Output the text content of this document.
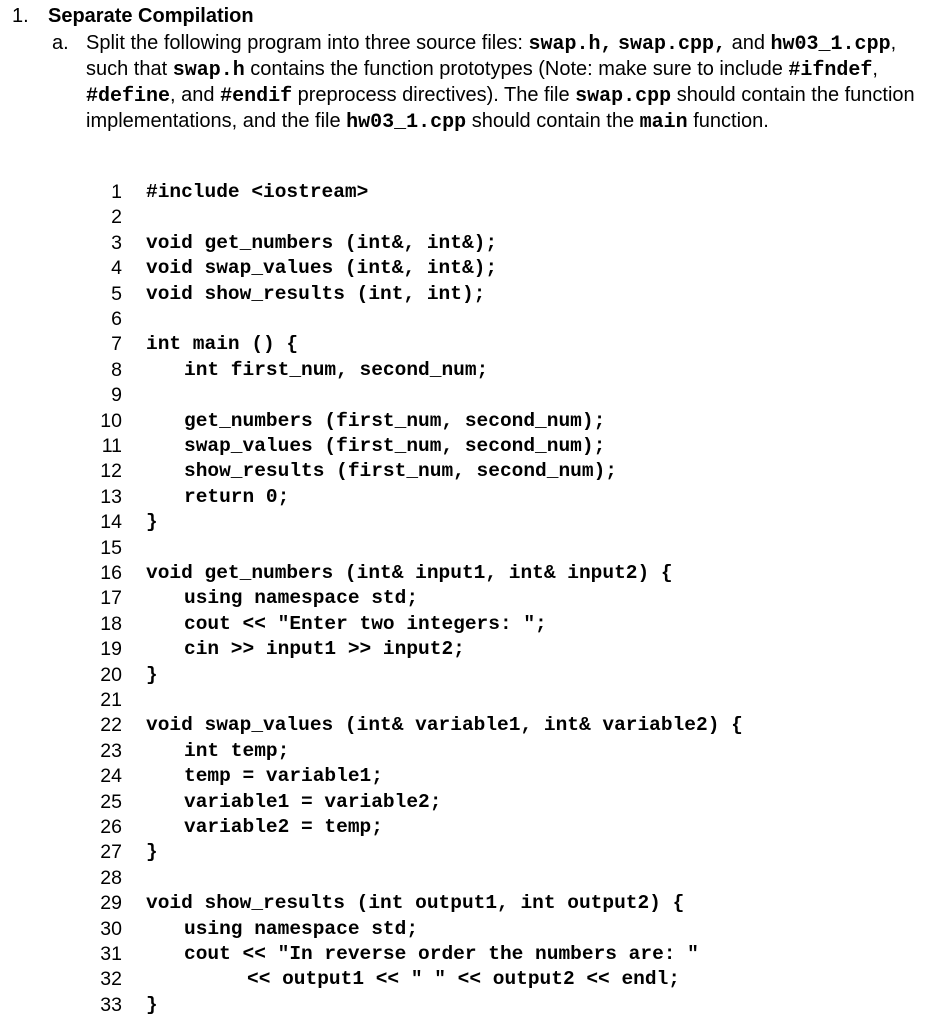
1. Separate Compilation
a. Split the following program into three source files: swap.h, swap.cpp, and hw03_1.cpp, such that swap.h contains the function prototypes (Note: make sure to include #ifndef, #define, and #endif preprocess directives). The file swap.cpp should contain the function implementations, and the file hw03_1.cpp should contain the main function.
1 #include <iostream>
2
3 void get_numbers (int&, int&);
4 void swap_values (int&, int&);
5 void show_results (int, int);
6
7 int main () {
8	int first_num, second_num;
9
10	get_numbers (first_num, second_num);
11	swap_values (first_num, second_num);
12	show_results (first_num, second_num);
13	return 0;
14 }
15
16 void get_numbers (int& input1, int& input2) {
17	using namespace std;
18	cout << "Enter two integers: ";
19	cin >> input1 >> input2;
20 }
21
22 void swap_values (int& variable1, int& variable2) {
23	int temp;
24	temp = variable1;
25	variable1 = variable2;
26	variable2 = temp;
27 }
28
29 void show_results (int output1, int output2) {
30	using namespace std;
31	cout << "In reverse order the numbers are: "
32	<< output1 << " " << output2 << endl;
33 }
